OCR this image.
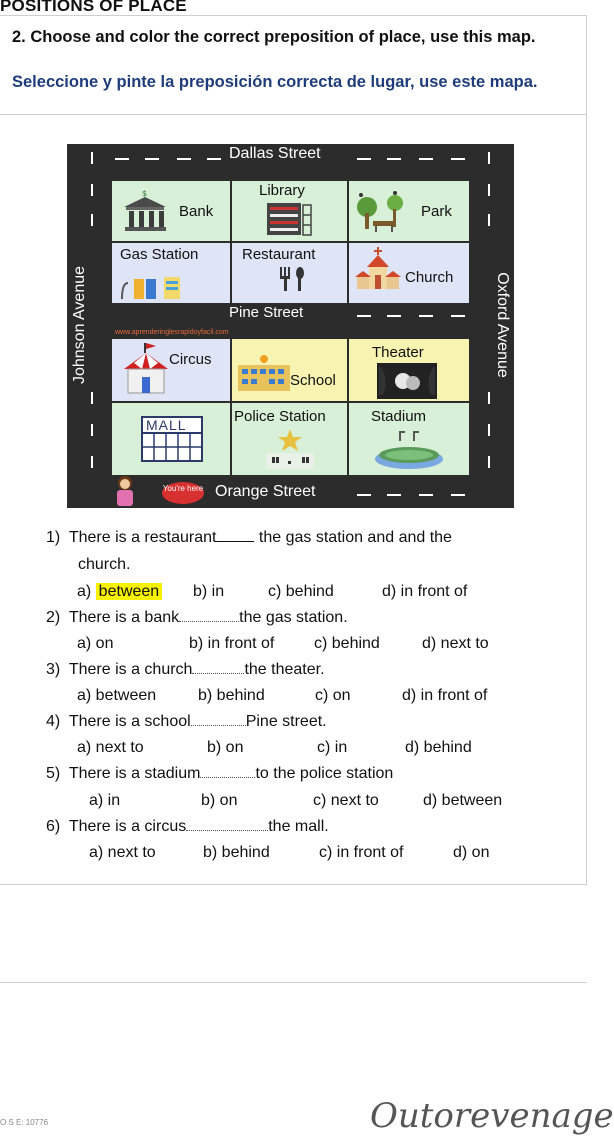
POSITIONS OF PLACE
2. Choose and color the correct preposition of place, use this map.
Seleccione y pinte la preposición correcta de lugar, use este mapa.
Dallas Street
Pine Street
Orange Street
Johnson Avenue	Oxford Avenue
$
Bank
Library
Park
Gas Station	Restaurant
Church
www.aprenderinglesrapidoyfacil.com
Circus
School
Theater
MALL	Police Station	Stadium
You're here
1) There is a restaurant the gas station and and the
church.
a) between b) in	c) behind	d) in front of
2) There is a bank	the gas station.
a) on	b) in front of c) behind	d) next to
3) There is a church	the theater.
a) between	b) behind	c) on	d) in front of
4) There is a school	Pine street.
a) next to	b) on	c) in	d) behind
5) There is a stadium	to the police station
a) in	b) on	c) next to	d) between
6) There is a circus	the mall.
a) next to	b) behind	c) in front of	d) on
Outorevenage
O S E: 10776
